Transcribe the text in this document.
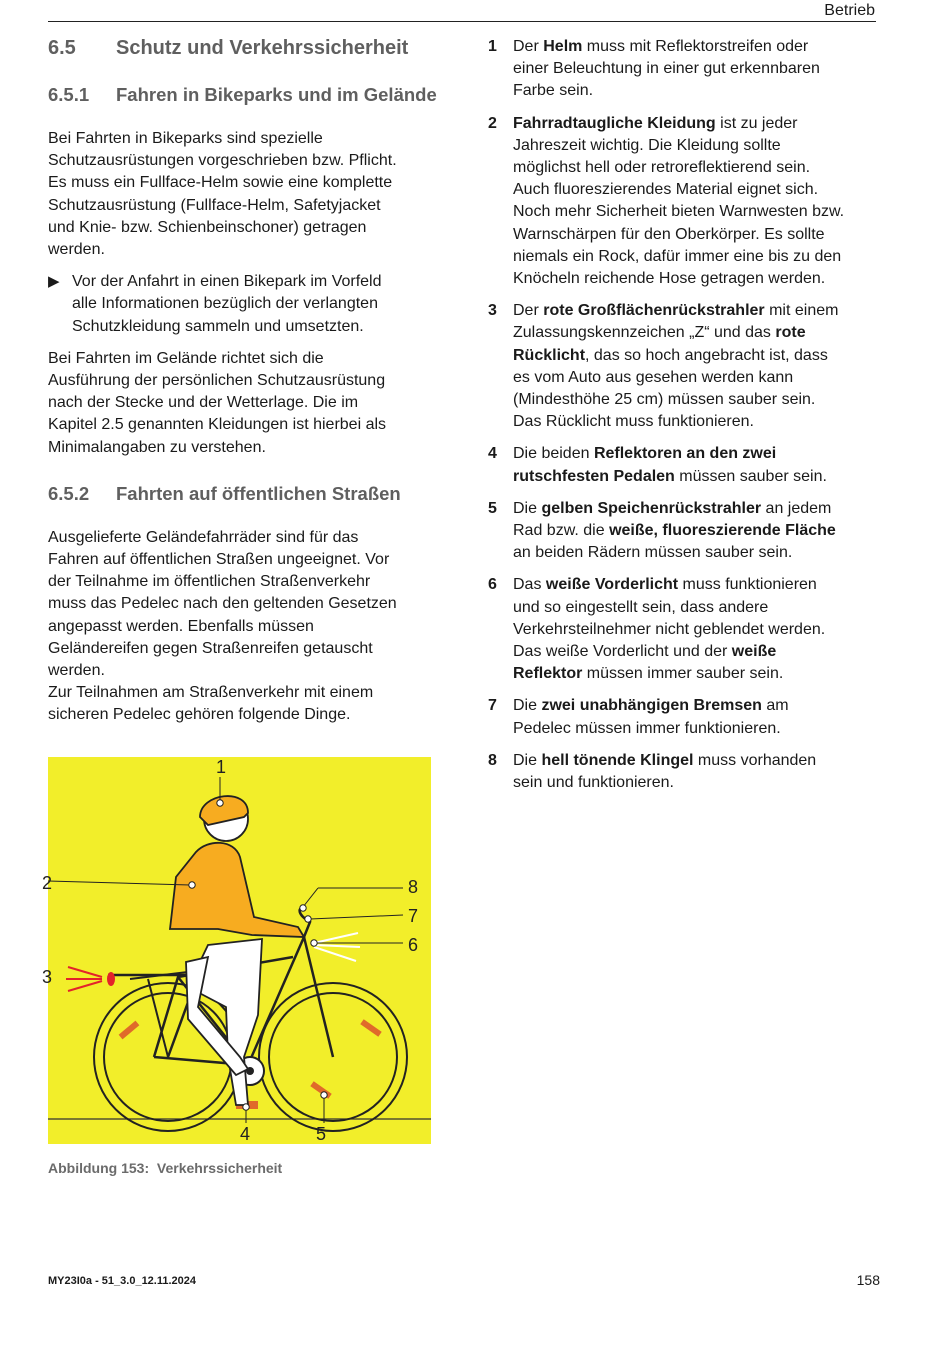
Betrieb
6.5	Schutz und Verkehrssicherheit
6.5.1	Fahren in Bikeparks und im Gelände
Bei Fahrten in Bikeparks sind spezielle
Schutzausrüstungen vorgeschrieben bzw. Pflicht.
Es muss ein Fullface-Helm sowie eine komplette
Schutzausrüstung (Fullface-Helm, Safetyjacket
und Knie- bzw. Schienbeinschoner) getragen
werden.
▶ Vor der Anfahrt in einen Bikepark im Vorfeld
alle Informationen bezüglich der verlangten
Schutzkleidung sammeln und umsetzten.
Bei Fahrten im Gelände richtet sich die
Ausführung der persönlichen Schutzausrüstung
nach der Stecke und der Wetterlage. Die im
Kapitel 2.5 genannten Kleidungen ist hierbei als
Minimalangaben zu verstehen.
6.5.2	Fahrten auf öffentlichen Straßen
Ausgelieferte Geländefahrräder sind für das
Fahren auf öffentlichen Straßen ungeeignet. Vor
der Teilnahme im öffentlichen Straßenverkehr
muss das Pedelec nach den geltenden Gesetzen
angepasst werden. Ebenfalls müssen
Geländereifen gegen Straßenreifen getauscht
werden.
Zur Teilnahmen am Straßenverkehr mit einem
sicheren Pedelec gehören folgende Dinge.
1
2
3
8
7
6
4	5
Abbildung 153: Verkehrssicherheit
1	Der Helm muss mit Reflektorstreifen oder
einer Beleuchtung in einer gut erkennbaren
Farbe sein.
2	Fahrradtaugliche Kleidung ist zu jeder
Jahreszeit wichtig. Die Kleidung sollte
möglichst hell oder retroreflektierend sein.
Auch fluoreszierendes Material eignet sich.
Noch mehr Sicherheit bieten Warnwesten bzw.
Warnschärpen für den Oberkörper. Es sollte
niemals ein Rock, dafür immer eine bis zu den
Knöcheln reichende Hose getragen werden.
3	Der rote Großflächenrückstrahler mit einem
Zulassungskennzeichen „Z“ und das rote
Rücklicht, das so hoch angebracht ist, dass
es vom Auto aus gesehen werden kann
(Mindesthöhe 25 cm) müssen sauber sein.
Das Rücklicht muss funktionieren.
4	Die beiden Reflektoren an den zwei
rutschfesten Pedalen müssen sauber sein.
5	Die gelben Speichenrückstrahler an jedem
Rad bzw. die weiße, fluoreszierende Fläche
an beiden Rädern müssen sauber sein.
6	Das weiße Vorderlicht muss funktionieren
und so eingestellt sein, dass andere
Verkehrsteilnehmer nicht geblendet werden.
Das weiße Vorderlicht und der weiße
Reflektor müssen immer sauber sein.
7	Die zwei unabhängigen Bremsen am
Pedelec müssen immer funktionieren.
8	Die hell tönende Klingel muss vorhanden
sein und funktionieren.
MY23I0a - 51_3.0_12.11.2024	158
